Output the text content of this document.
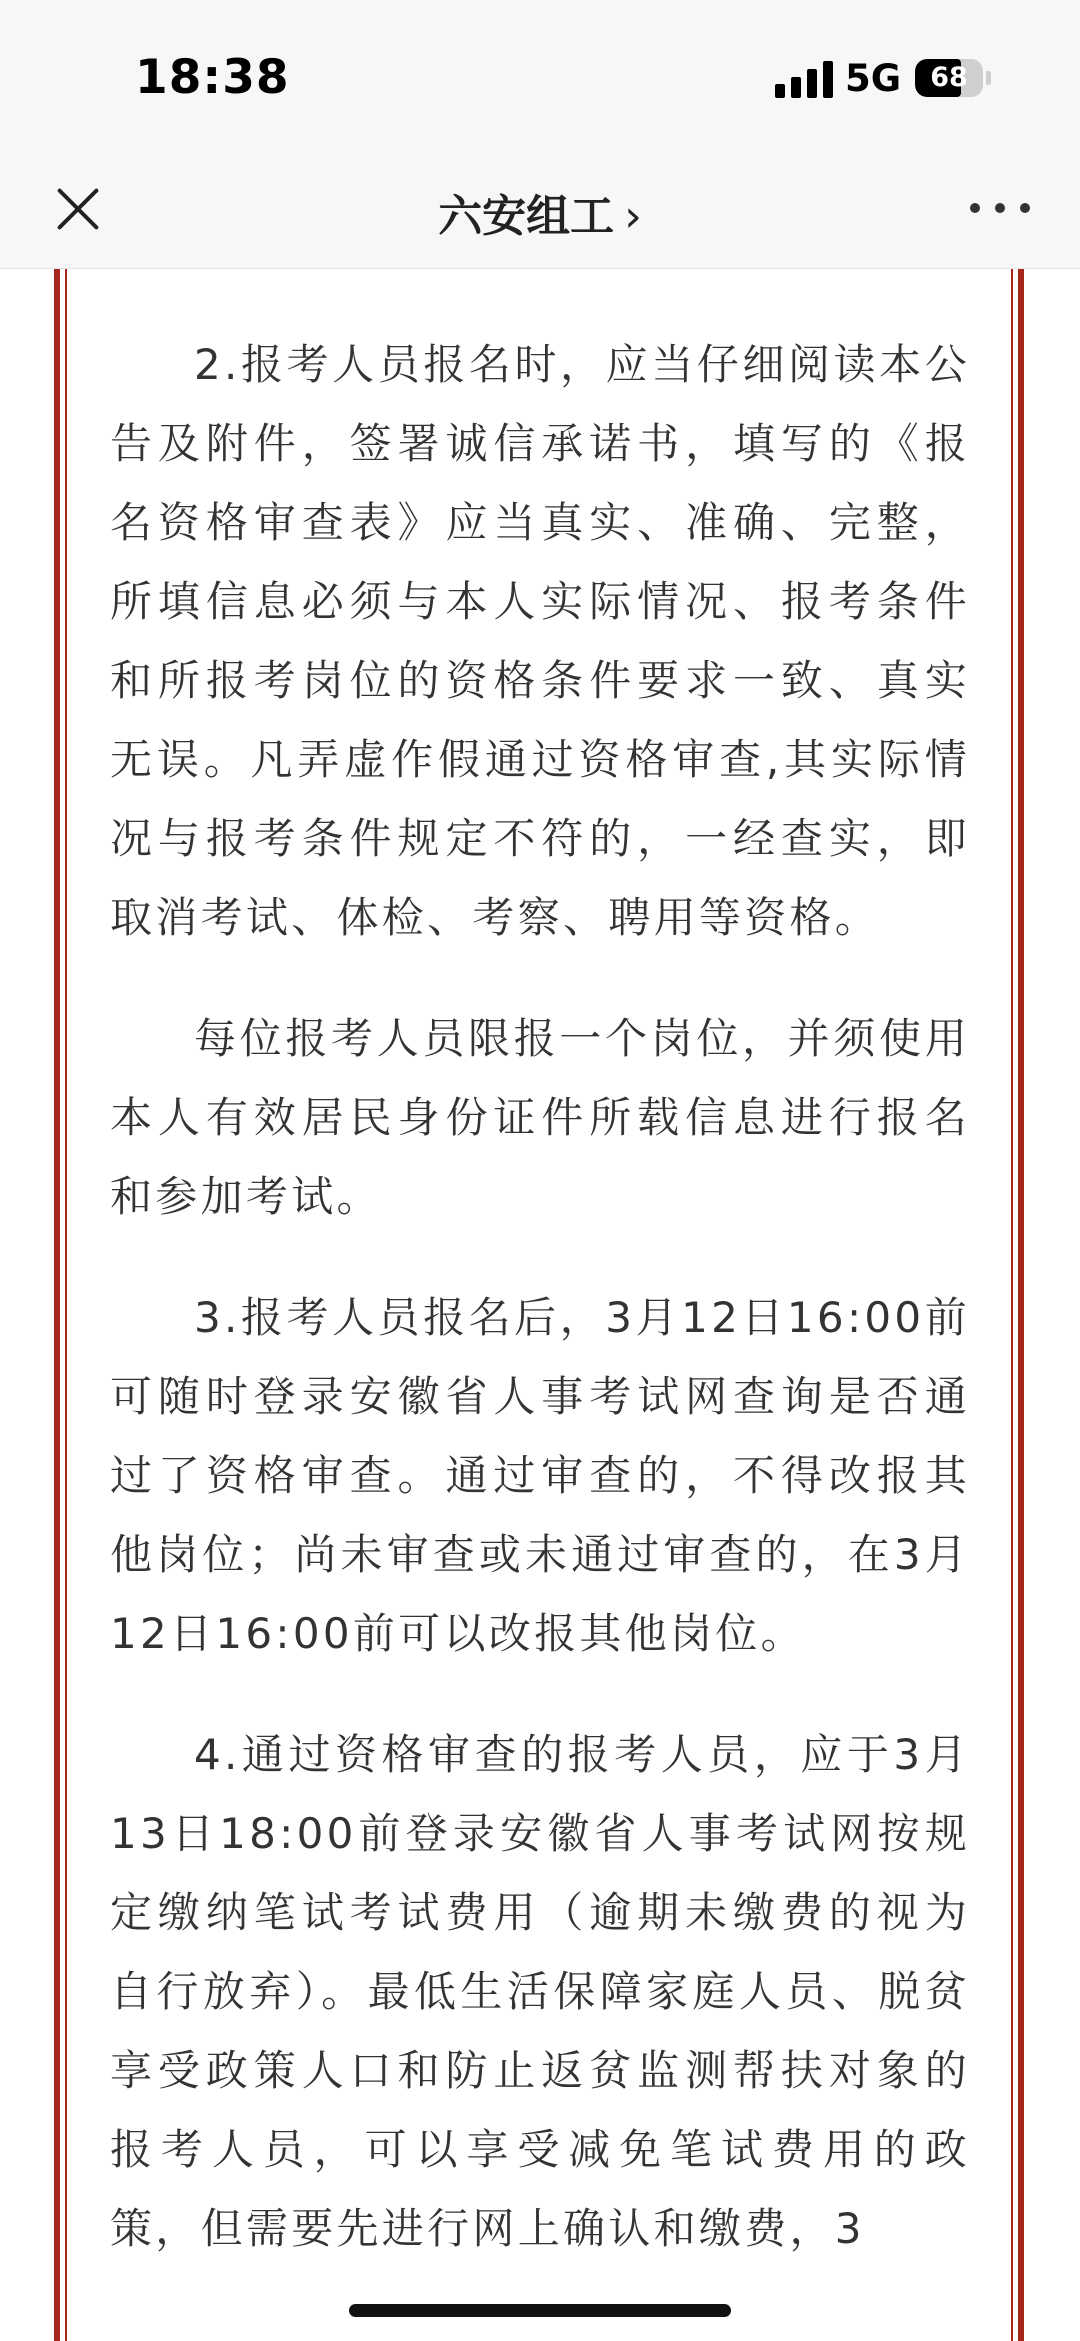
18:38	5G	68
六安组工 ›

2.报考人员报名时，应当仔细阅读本公告及附件，签署诚信承诺书，填写的《报名资格审查表》应当真实、准确、完整，所填信息必须与本人实际情况、报考条件和所报考岗位的资格条件要求一致、真实无误。凡弄虚作假通过资格审查,其实际情况与报考条件规定不符的，一经查实，即取消考试、体检、考察、聘用等资格。

每位报考人员限报一个岗位，并须使用本人有效居民身份证件所载信息进行报名和参加考试。

3.报考人员报名后，3月12日16:00前可随时登录安徽省人事考试网查询是否通过了资格审查。通过审查的，不得改报其他岗位；尚未审查或未通过审查的，在3月12日16:00前可以改报其他岗位。

4.通过资格审查的报考人员，应于3月13日18:00前登录安徽省人事考试网按规定缴纳笔试考试费用（逾期未缴费的视为自行放弃）。最低生活保障家庭人员、脱贫享受政策人口和防止返贫监测帮扶对象的报考人员，可以享受减免笔试费用的政策，但需要先进行网上确认和缴费，3
